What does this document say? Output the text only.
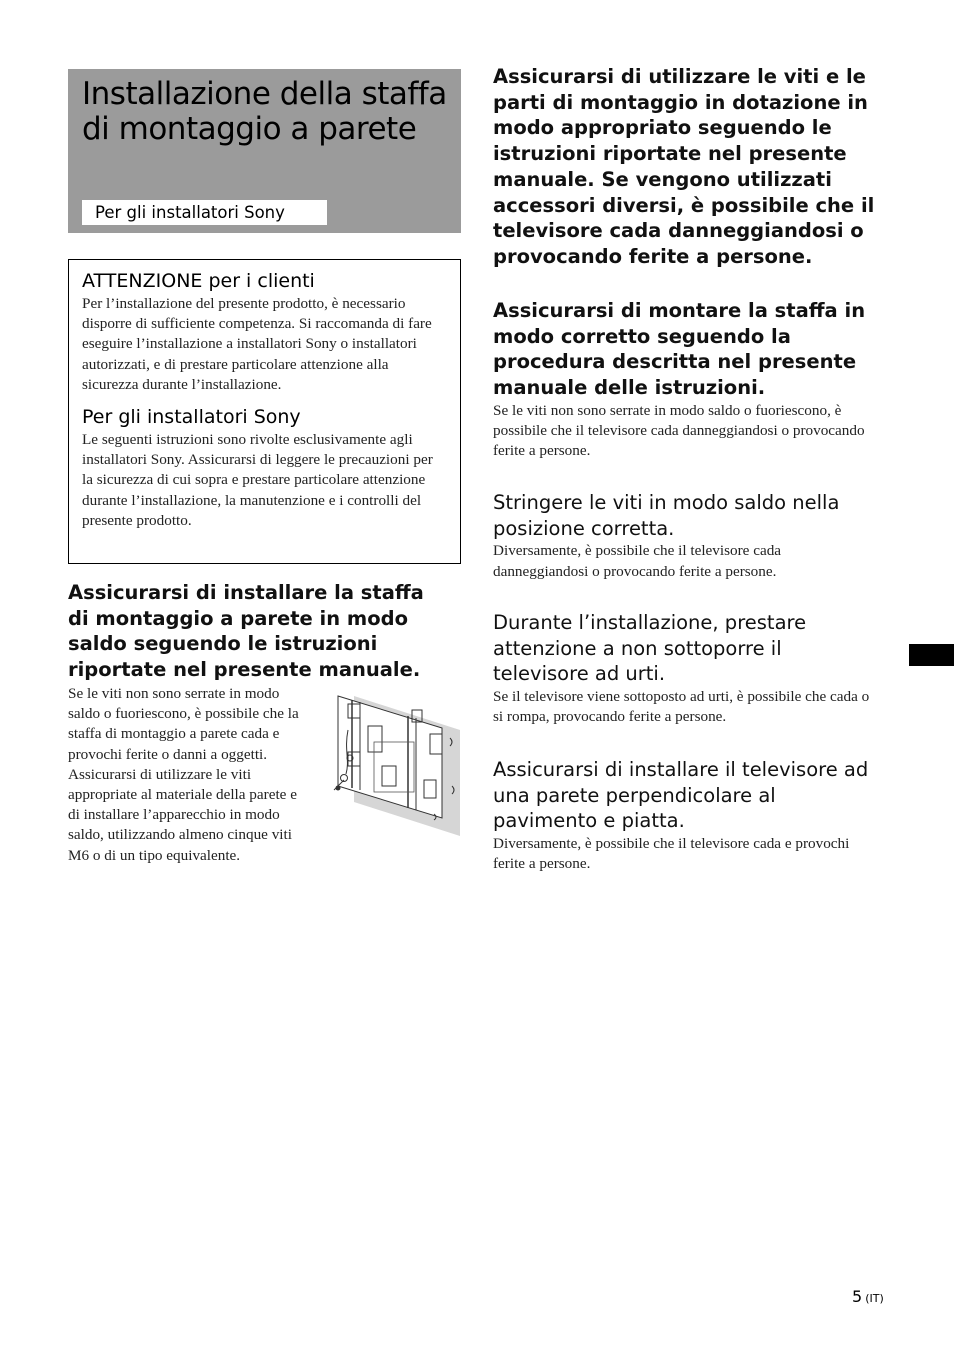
Installazione della staffa di montaggio a parete
Per gli installatori Sony
ATTENZIONE per i clienti

Per l’installazione del presente prodotto, è necessario disporre di sufficiente competenza. Si raccomanda di fare eseguire l’installazione a installatori Sony o installatori autorizzati, e di prestare particolare attenzione alla sicurezza durante l’installazione.

Per gli installatori Sony

Le seguenti istruzioni sono rivolte esclusivamente agli installatori Sony. Assicurarsi di leggere le precauzioni per la sicurezza di cui sopra e prestare particolare attenzione durante l’installazione, la manutenzione e i controlli del presente prodotto.

Assicurarsi di installare la staffa di montaggio a parete in modo saldo seguendo le istruzioni riportate nel presente manuale.

Se le viti non sono serrate in modo saldo o fuoriescono, è possibile che la staffa di montaggio a parete cada e provochi ferite o danni a oggetti. Assicurarsi di utilizzare le viti appropriate al materiale della parete e di installare l’apparecchio in modo saldo, utilizzando almeno cinque viti M6 o di un tipo equivalente.

Assicurarsi di utilizzare le viti e le parti di montaggio in dotazione in modo appropriato seguendo le istruzioni riportate nel presente manuale. Se vengono utilizzati accessori diversi, è possibile che il televisore cada danneggiandosi o provocando ferite a persone.
Assicurarsi di montare la staffa in modo corretto seguendo la procedura descritta nel presente manuale delle istruzioni.

Se le viti non sono serrate in modo saldo o fuoriescono, è possibile che il televisore cada danneggiandosi o provocando ferite a persone.

Stringere le viti in modo saldo nella posizione corretta.

Diversamente, è possibile che il televisore cada danneggiandosi o provocando ferite a persone.

Durante l’installazione, prestare attenzione a non sottoporre il televisore ad urti.

Se il televisore viene sottoposto ad urti, è possibile che cada o si rompa, provocando ferite a persone.

Assicurarsi di installare il televisore ad una parete perpendicolare al pavimento e piatta.

Diversamente, è possibile che il televisore cada e provochi ferite a persone.

5 (IT)
